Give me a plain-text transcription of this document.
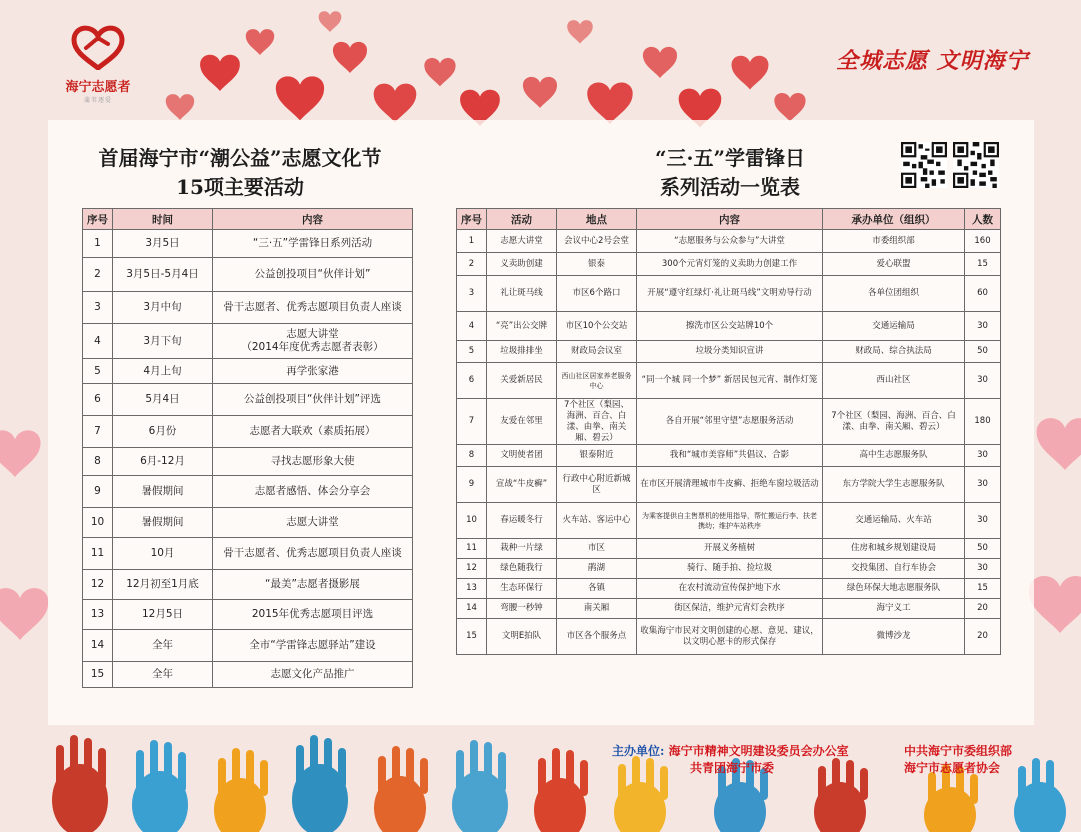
海宁志愿者
蒲苇逐爱
全城志愿 文明海宁
首届海宁市“潮公益”志愿文化节
15项主要活动
“三·五”学雷锋日
系列活动一览表
序号	时间	内容
1	3月5日	“三·五”学雷锋日系列活动
2	3月5日-5月4日	公益创投项目“伙伴计划”
3	3月中旬	骨干志愿者、优秀志愿项目负责人座谈
4	3月下旬	志愿大讲堂
（2014年度优秀志愿者表彰）
5	4月上旬	再学张家港
6	5月4日	公益创投项目“伙伴计划”评选
7	6月份	志愿者大联欢（素质拓展）
8	6月-12月	寻找志愿形象大使
9	暑假期间	志愿者感悟、体会分享会
10	暑假期间	志愿大讲堂
11	10月	骨干志愿者、优秀志愿项目负责人座谈
12	12月初至1月底	“最美”志愿者摄影展
13	12月5日	2015年优秀志愿项目评选
14	全年	全市“学雷锋志愿驿站”建设
15	全年	志愿文化产品推广
序号	活动	地点	内容	承办单位（组织）	人数
1	志愿大讲堂	会议中心2号会堂	“志愿服务与公众参与”大讲堂	市委组织部	160
2	义卖助创建	银泰	300个元宵灯笼的义卖助力创建工作	爱心联盟	15
3	礼让斑马线	市区6个路口	开展“遵守红绿灯·礼让斑马线”文明劝导行动	各单位团组织	60
4	“亮”出公交牌	市区10个公交站	擦洗市区公交站牌10个	交通运输局	30
5	垃圾排排坐	财政局会议室	垃圾分类知识宣讲	财政局、综合执法局	50
6	关爱新居民	西山社区居家养老服务中心	“同一个城 同一个梦” 新居民包元宵、制作灯笼	西山社区	30
7	友爱在邻里	7个社区（梨园、海洲、百合、白漾、由拳、南关厢、碧云）	各自开展“邻里守望”志愿服务活动	7个社区（梨园、海洲、百合、白漾、由拳、南关厢、碧云）	180
8	文明使者团	银泰附近	我和“城市美容师”共倡议、合影	高中生志愿服务队	30
9	宣战“牛皮癣”	行政中心附近新城区	在市区开展清理城市牛皮癣、拒绝车窗垃圾活动	东方学院大学生志愿服务队	30
10	春运暖冬行	火车站、客运中心	为乘客提供自主售票机的使用指导，帮忙搬运行李、扶老携幼；维护车站秩序	交通运输局、火车站	30
11	栽种一片绿	市区	开展义务植树	住房和城乡规划建设局	50
12	绿色随我行	鹃湖	骑行、随手拍、捡垃圾	交投集团、自行车协会	30
13	生态环保行	各镇	在农村流动宣传保护地下水	绿色环保大地志愿服务队	15
14	弯腰一秒钟	南关厢	街区保洁，维护元宵灯会秩序	海宁义工	20
15	文明E拍队	市区各个服务点	收集海宁市民对文明创建的心愿、意见、建议，以文明心愿卡的形式保存	微博沙龙	20
主办单位: 海宁市精神文明建设委员会办公室
共青团海宁市委
中共海宁市委组织部
海宁市志愿者协会
